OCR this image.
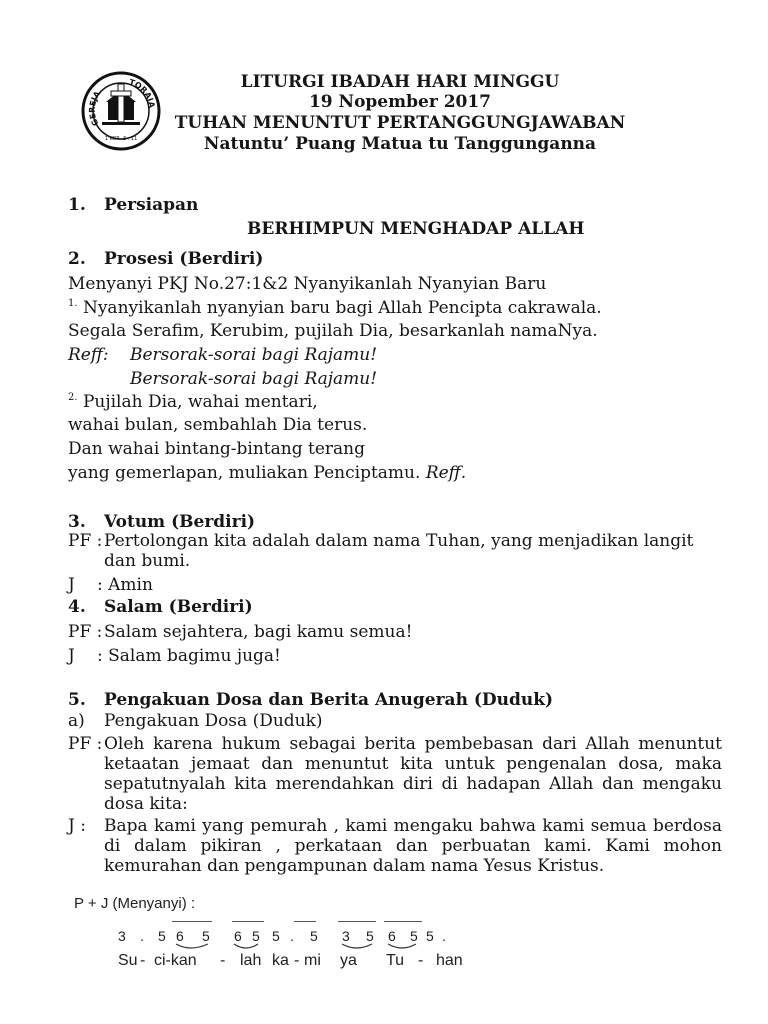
GEREJA
TORAJA
1 KOR. 3 : 11
LITURGI IBADAH HARI MINGGU
19 Nopember 2017
TUHAN MENUNTUT PERTANGGUNGJAWABAN
Natuntu’ Puang Matua tu Tanggunganna
1. Persiapan
BERHIMPUN MENGHADAP ALLAH
2. Prosesi (Berdiri)
Menyanyi PKJ No.27:1&2 Nyanyikanlah Nyanyian Baru
$^{1.}$ Nyanyikanlah nyanyian baru bagi Allah Pencipta cakrawala.
Segala Serafim, Kerubim, pujilah Dia, besarkanlah namaNya.
Reff: Bersorak-sorai bagi Rajamu!
Bersorak-sorai bagi Rajamu!
$^{2.}$ Pujilah Dia, wahai mentari,
wahai bulan, sembahlah Dia terus.
Dan wahai bintang-bintang terang
yang gemerlapan, muliakan Penciptamu. Reff.
3. Votum (Berdiri)
PF : Pertolongan kita adalah dalam nama Tuhan, yang menjadikan langit dan bumi.
J : Amin
4. Salam (Berdiri)
PF : Salam sejahtera, bagi kamu semua!
J : Salam bagimu juga!
5. Pengakuan Dosa dan Berita Anugerah (Duduk)
a) Pengakuan Dosa (Duduk)
PF : Oleh karena hukum sebagai berita pembebasan dari Allah menuntut ketaatan jemaat dan menuntut kita untuk pengenalan dosa, maka sepatutnyalah kita merendahkan diri di hadapan Allah dan mengaku dosa kita:
J : Bapa kami yang pemurah , kami mengaku bahwa kami semua berdosa di dalam pikiran , perkataan dan perbuatan kami. Kami mohon kemurahan dan pengampunan dalam nama Yesus Kristus.
P + J (Menyanyi) :
3 . 5 6 5 6 5 5 . 5 3 5 6 5 5 .
Su - ci-kan - lah ka - mi ya Tu - han
